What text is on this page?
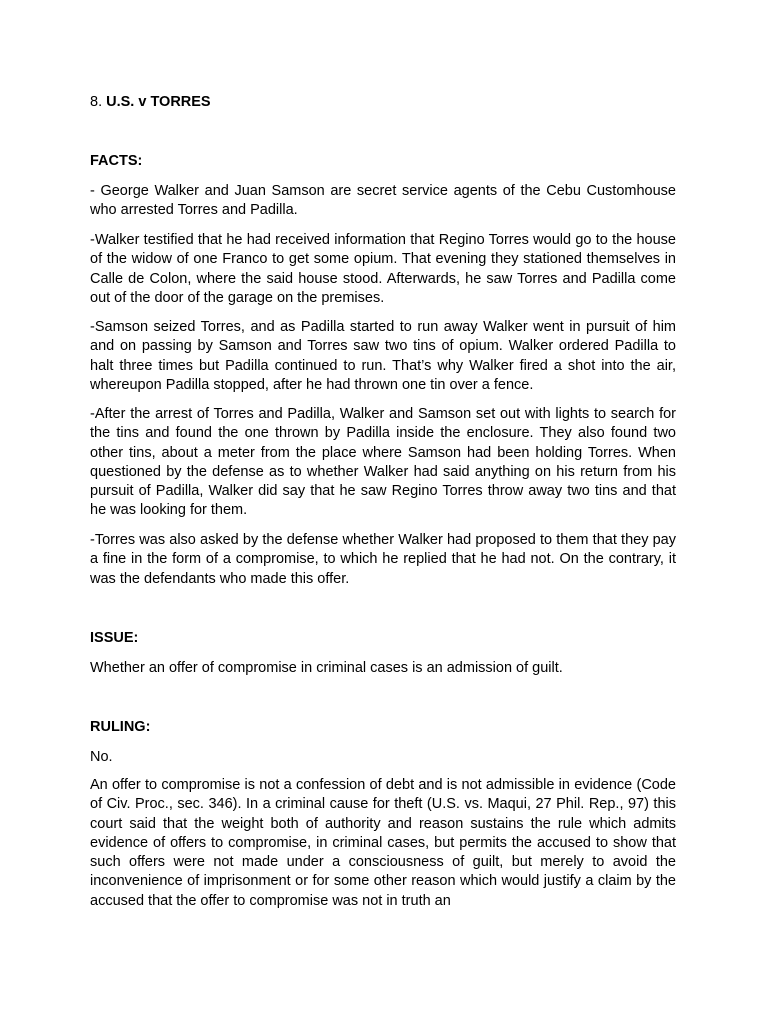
8. U.S. v TORRES
FACTS:

- George Walker and Juan Samson are secret service agents of the Cebu Customhouse who arrested Torres and Padilla.

-Walker testified that he had received information that Regino Torres would go to the house of the widow of one Franco to get some opium. That evening they stationed themselves in Calle de Colon, where the said house stood. Afterwards, he saw Torres and Padilla come out of the door of the garage on the premises.

-Samson seized Torres, and as Padilla started to run away Walker went in pursuit of him and on passing by Samson and Torres saw two tins of opium. Walker ordered Padilla to halt three times but Padilla continued to run. That’s why Walker fired a shot into the air, whereupon Padilla stopped, after he had thrown one tin over a fence.

-After the arrest of Torres and Padilla, Walker and Samson set out with lights to search for the tins and found the one thrown by Padilla inside the enclosure. They also found two other tins, about a meter from the place where Samson had been holding Torres. When questioned by the defense as to whether Walker had said anything on his return from his pursuit of Padilla, Walker did say that he saw Regino Torres throw away two tins and that he was looking for them.

-Torres was also asked by the defense whether Walker had proposed to them that they pay a fine in the form of a compromise, to which he replied that he had not. On the contrary, it was the defendants who made this offer.

ISSUE:

Whether an offer of compromise in criminal cases is an admission of guilt.

RULING:

No.

An offer to compromise is not a confession of debt and is not admissible in evidence (Code of Civ. Proc., sec. 346). In a criminal cause for theft (U.S. vs. Maqui, 27 Phil. Rep., 97) this court said that the weight both of authority and reason sustains the rule which admits evidence of offers to compromise, in criminal cases, but permits the accused to show that such offers were not made under a consciousness of guilt, but merely to avoid the inconvenience of imprisonment or for some other reason which would justify a claim by the accused that the offer to compromise was not in truth an
